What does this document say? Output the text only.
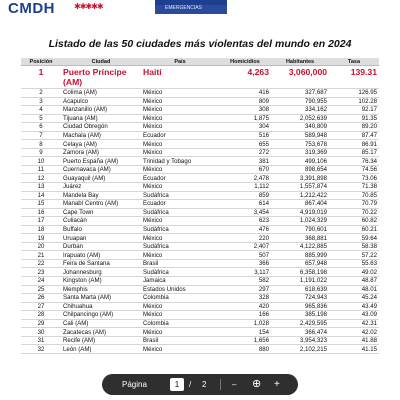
CMDH ✱✱✱✱✱	EMERGENCIAS
Listado de las 50 ciudades más violentas del mundo en 2024
Posición	Ciudad	País	Homicidios	Habitantes	Tasa
1	Puerto Príncipe (AM)	Haití	4,263	3,060,000	139.31
2	Colima (AM)	México	416	327,687	126.95
3	Acapulco	México	809	790,955	102.28
4	Manzanillo (AM)	México	308	334,162	92.17
5	Tijuana (AM)	México	1,875	2,052,639	91.35
6	Ciudad Obregón	México	304	340,809	89.20
7	Machala (AM)	Ecuador	516	589,948	87.47
8	Celaya (AM)	México	655	753,678	86.91
9	Zamora (AM)	México	272	319,369	85.17
10	Puerto España (AM)	Trinidad y Tobago	381	499,106	76.34
11	Cuernavaca (AM)	México	670	898,654	74.56
12	Guayaquil (AM)	Ecuador	2,478	3,391,898	73.06
13	Juárez	México	1,112	1,557,874	71.38
14	Mandela Bay	Sudáfrica	859	1,212,422	70.85
15	Manabí Centro (AM)	Ecuador	614	867,404	70.79
16	Cape Town	Sudáfrica	3,454	4,919,019	70.22
17	Culiacán	México	623	1,024,329	60.82
18	Buffalo	Sudáfrica	476	790,601	60.21
19	Uruapan	México	220	368,881	59.64
20	Durban	Sudáfrica	2,407	4,122,885	58.38
21	Irapuato (AM)	México	507	885,999	57.22
22	Feira de Santana	Brasil	366	657,948	55.63
23	Johannesburg	Sudáfrica	3,117	6,358,198	49.02
24	Kingston (AM)	Jamaica	582	1,191,022	48.87
25	Memphis	Estados Unidos	297	618,639	48.01
26	Santa Marta (AM)	Colombia	328	724,943	45.24
27	Chihuahua	México	420	965,836	43.49
28	Chilpancingo (AM)	México	166	385,198	43.09
29	Cali (AM)	Colombia	1,028	2,429,595	42.31
30	Zacatecas (AM)	México	154	366,474	42.02
31	Recife (AM)	Brasil	1,656	3,954,323	41.88
32	León (AM)	México	880	2,102,215	41.15
Página	1	/ 2	– ⊕ +
